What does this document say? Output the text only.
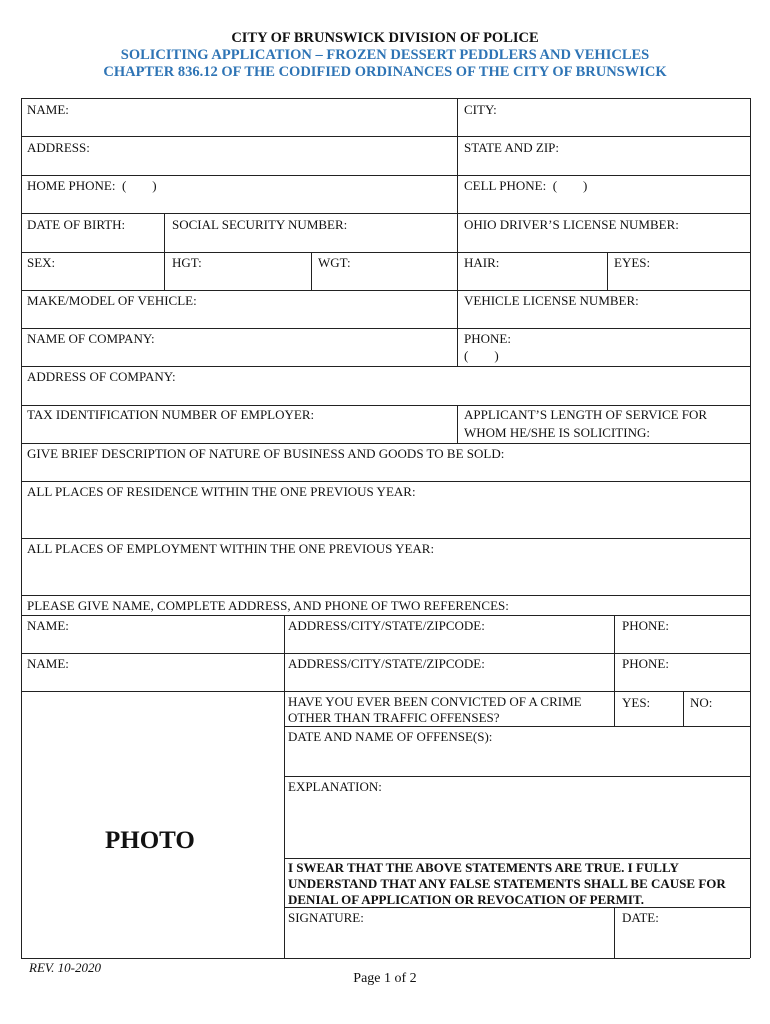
CITY OF BRUNSWICK DIVISION OF POLICE
SOLICITING APPLICATION – FROZEN DESSERT PEDDLERS AND VEHICLES
CHAPTER 836.12 OF THE CODIFIED ORDINANCES OF THE CITY OF BRUNSWICK
NAME:	CITY:
ADDRESS:	STATE AND ZIP:
HOME PHONE:  (        )	CELL PHONE:  (        )
DATE OF BIRTH:	SOCIAL SECURITY NUMBER:	OHIO DRIVER’S LICENSE NUMBER:
SEX:	HGT:	WGT:	HAIR:	EYES:
MAKE/MODEL OF VEHICLE:	VEHICLE LICENSE NUMBER:
NAME OF COMPANY:	PHONE:
(        )
ADDRESS OF COMPANY:
TAX IDENTIFICATION NUMBER OF EMPLOYER:	APPLICANT’S LENGTH OF SERVICE FOR WHOM HE/SHE IS SOLICITING:
GIVE BRIEF DESCRIPTION OF NATURE OF BUSINESS AND GOODS TO BE SOLD:
ALL PLACES OF RESIDENCE WITHIN THE ONE PREVIOUS YEAR:
ALL PLACES OF EMPLOYMENT WITHIN THE ONE PREVIOUS YEAR:
PLEASE GIVE NAME, COMPLETE ADDRESS, AND PHONE OF TWO REFERENCES:
NAME:	ADDRESS/CITY/STATE/ZIPCODE:	PHONE:
NAME:	ADDRESS/CITY/STATE/ZIPCODE:	PHONE:
HAVE YOU EVER BEEN CONVICTED OF A CRIME OTHER THAN TRAFFIC OFFENSES?
YES:	NO:
DATE AND NAME OF OFFENSE(S):
EXPLANATION:
I SWEAR THAT THE ABOVE STATEMENTS ARE TRUE. I FULLY UNDERSTAND THAT ANY FALSE STATEMENTS SHALL BE CAUSE FOR DENIAL OF APPLICATION OR REVOCATION OF PERMIT.
SIGNATURE:	DATE:
PHOTO
REV. 10-2020
Page 1 of 2
